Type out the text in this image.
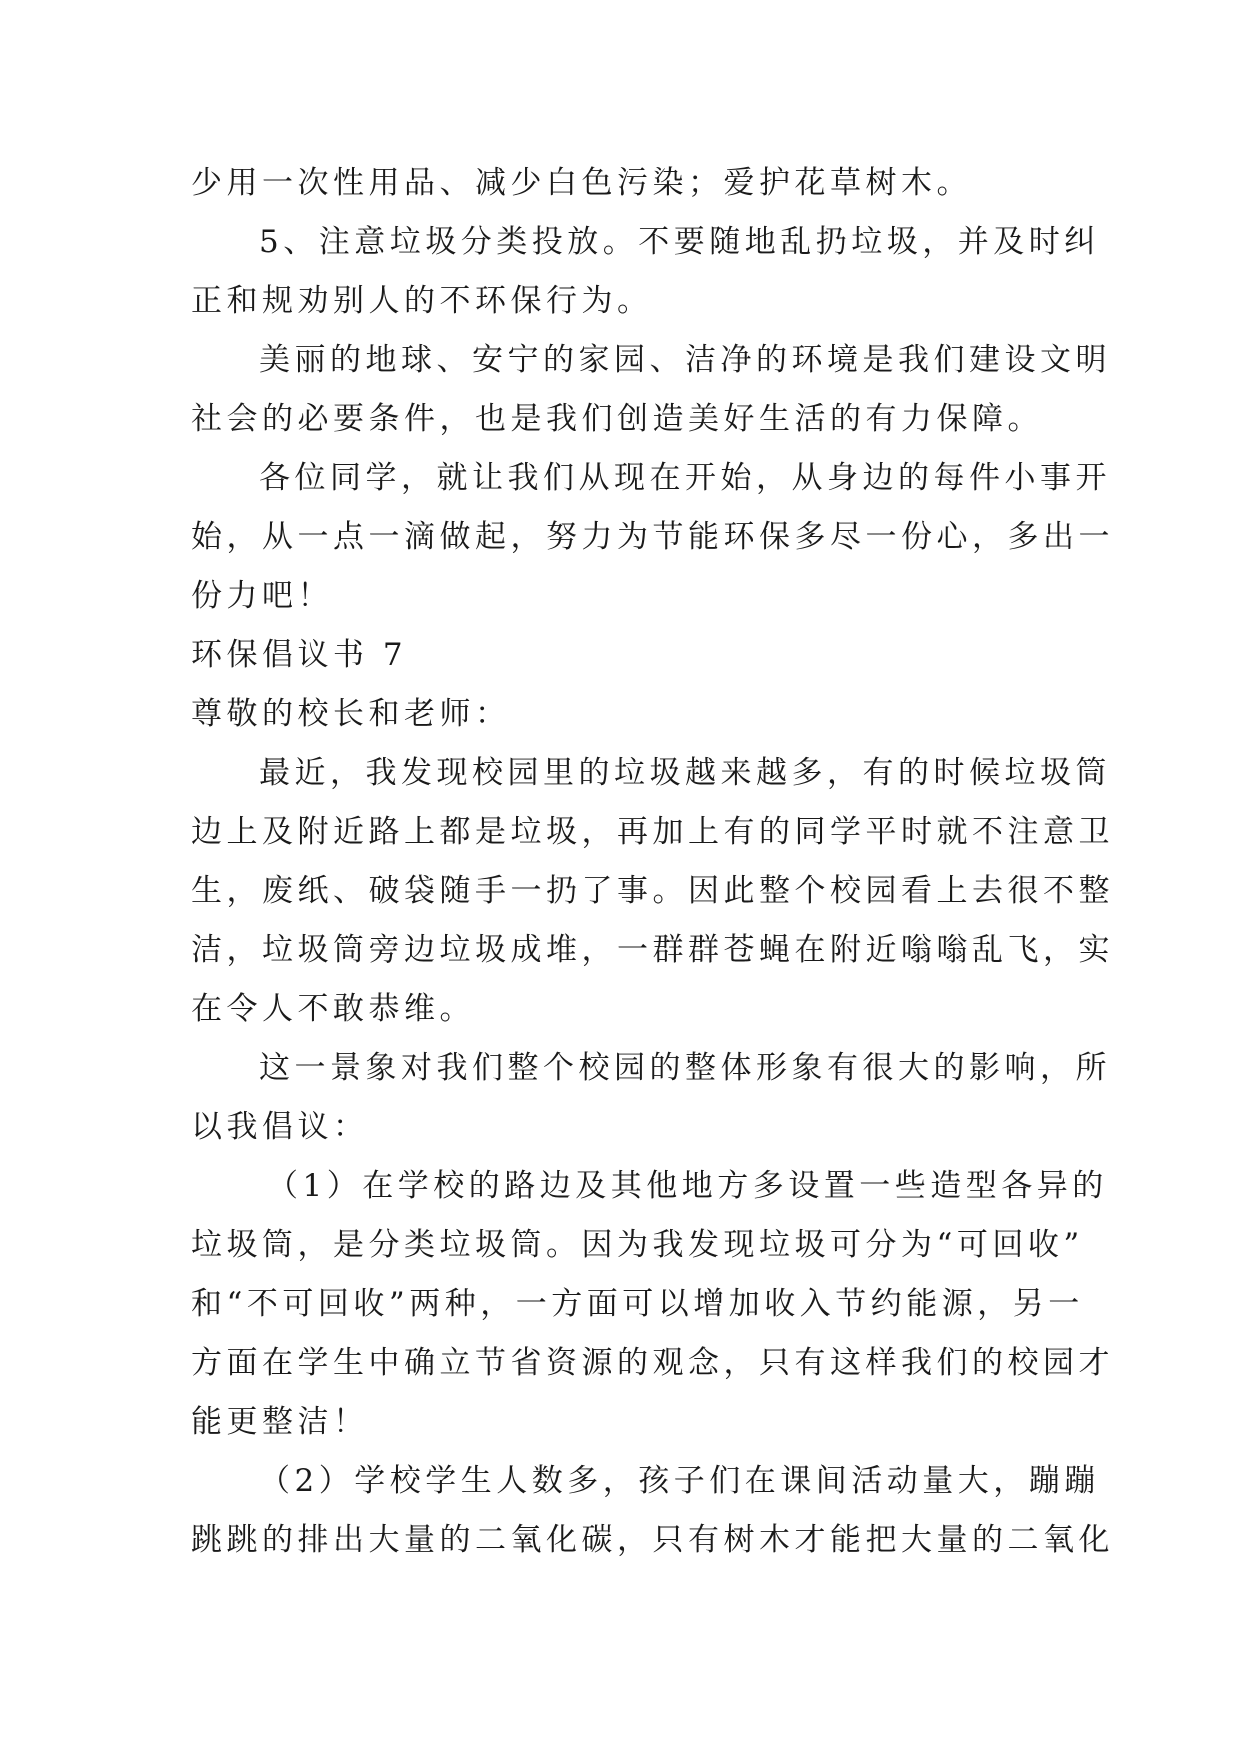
少用一次性用品、减少白色污染；爱护花草树木。
5、注意垃圾分类投放。不要随地乱扔垃圾，并及时纠
正和规劝别人的不环保行为。
美丽的地球、安宁的家园、洁净的环境是我们建设文明
社会的必要条件，也是我们创造美好生活的有力保障。
各位同学，就让我们从现在开始，从身边的每件小事开
始，从一点一滴做起，努力为节能环保多尽一份心，多出一
份力吧！
环保倡议书 7
尊敬的校长和老师：
最近，我发现校园里的垃圾越来越多，有的时候垃圾筒
边上及附近路上都是垃圾，再加上有的同学平时就不注意卫
生，废纸、破袋随手一扔了事。因此整个校园看上去很不整
洁，垃圾筒旁边垃圾成堆，一群群苍蝇在附近嗡嗡乱飞，实
在令人不敢恭维。
这一景象对我们整个校园的整体形象有很大的影响，所
以我倡议：
（1）在学校的路边及其他地方多设置一些造型各异的
垃圾筒，是分类垃圾筒。因为我发现垃圾可分为“可回收”
和“不可回收”两种，一方面可以增加收入节约能源，另一
方面在学生中确立节省资源的观念，只有这样我们的校园才
能更整洁！
（2）学校学生人数多，孩子们在课间活动量大，蹦蹦
跳跳的排出大量的二氧化碳，只有树木才能把大量的二氧化
